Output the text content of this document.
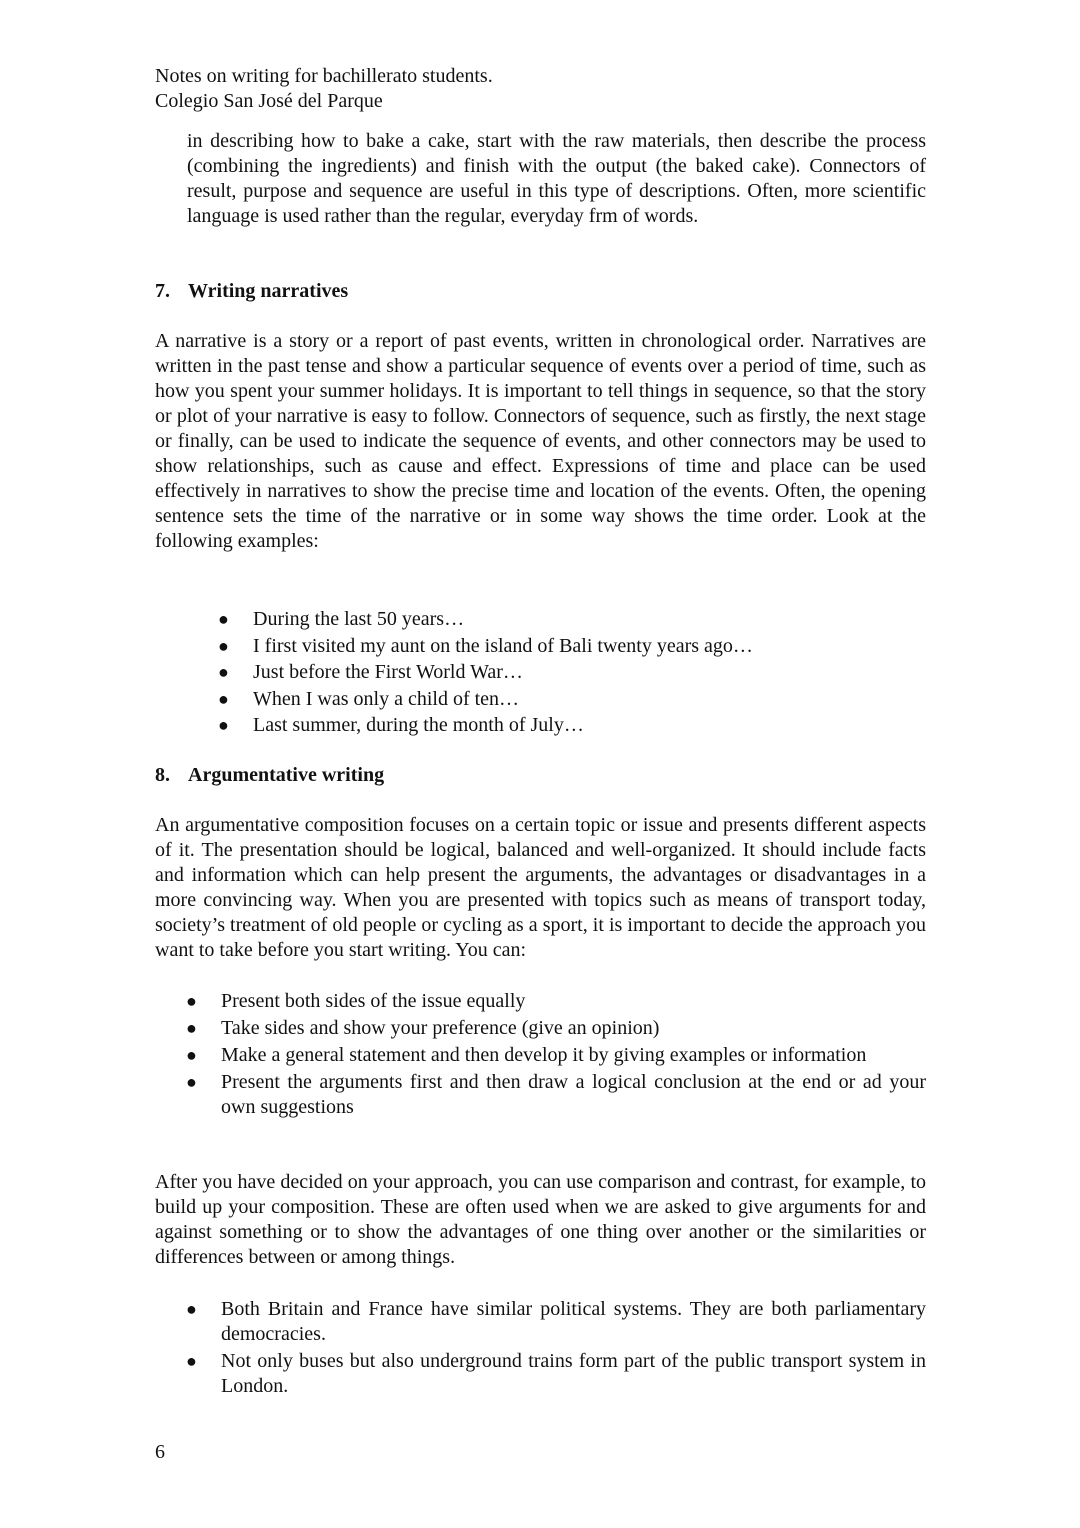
Notes on writing for bachillerato students.
Colegio San José del Parque

in describing how to bake a cake, start with the raw materials, then describe the process (combining the ingredients) and finish with the output (the baked cake). Connectors of result, purpose and sequence are useful in this type of descriptions. Often, more scientific language is used rather than the regular, everyday frm of words.

7. Writing narratives

A narrative is a story or a report of past events, written in chronological order. Narratives are written in the past tense and show a particular sequence of events over a period of time, such as how you spent your summer holidays. It is important to tell things in sequence, so that the story or plot of your narrative is easy to follow. Connectors of sequence, such as firstly, the next stage or finally, can be used to indicate the sequence of events, and other connectors may be used to show relationships, such as cause and effect. Expressions of time and place can be used effectively in narratives to show the precise time and location of the events. Often, the opening sentence sets the time of the narrative or in some way shows the time order. Look at the following examples:

● During the last 50 years…
● I first visited my aunt on the island of Bali twenty years ago…
● Just before the First World War…
● When I was only a child of ten…
● Last summer, during the month of July…
8. Argumentative writing

An argumentative composition focuses on a certain topic or issue and presents different aspects of it. The presentation should be logical, balanced and well-organized. It should include facts and information which can help present the arguments, the advantages or disadvantages in a more convincing way. When you are presented with topics such as means of transport today, society’s treatment of old people or cycling as a sport, it is important to decide the approach you want to take before you start writing. You can:

● Present both sides of the issue equally
● Take sides and show your preference (give an opinion)
● Make a general statement and then develop it by giving examples or information
● Present the arguments first and then draw a logical conclusion at the end or ad your own suggestions

After you have decided on your approach, you can use comparison and contrast, for example, to build up your composition. These are often used when we are asked to give arguments for and against something or to show the advantages of one thing over another or the similarities or differences between or among things.

● Both Britain and France have similar political systems. They are both parliamentary democracies.
● Not only buses but also underground trains form part of the public transport system in London.
6
